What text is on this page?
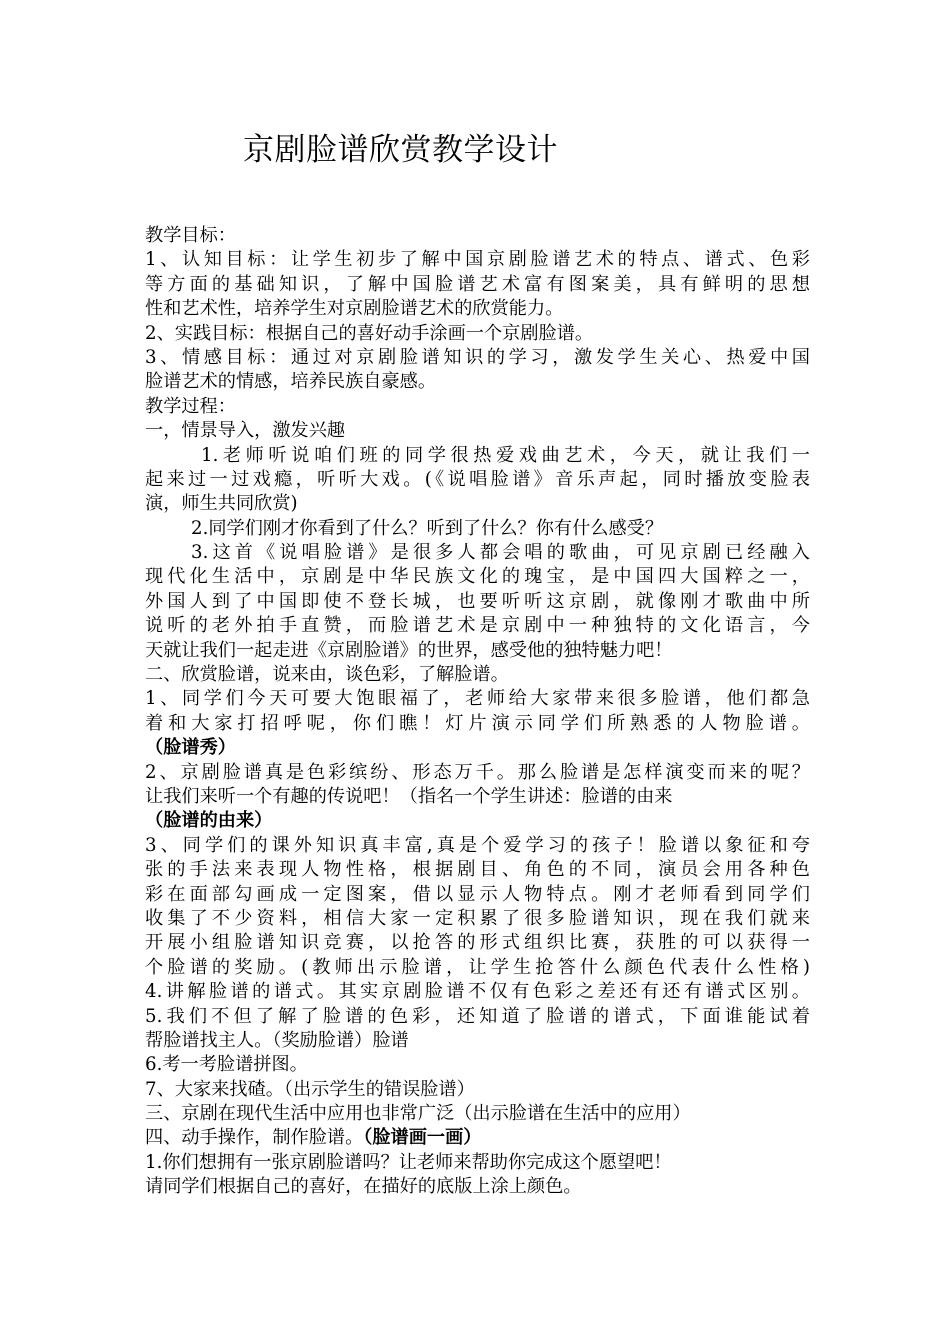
京剧脸谱欣赏教学设计
教学目标：
1、认知目标：让学生初步了解中国京剧脸谱艺术的特点、谱式、色彩
等方面的基础知识，了解中国脸谱艺术富有图案美，具有鲜明的思想
性和艺术性，培养学生对京剧脸谱艺术的欣赏能力。
2、实践目标：根据自己的喜好动手涂画一个京剧脸谱。
3、情感目标：通过对京剧脸谱知识的学习，激发学生关心、热爱中国
脸谱艺术的情感，培养民族自豪感。
教学过程：
一，情景导入，激发兴趣
1.老师听说咱们班的同学很热爱戏曲艺术，今天，就让我们一
起来过一过戏瘾，听听大戏。(《说唱脸谱》音乐声起，同时播放变脸表
演，师生共同欣赏)
2.同学们刚才你看到了什么？听到了什么？你有什么感受？
3.这首《说唱脸谱》是很多人都会唱的歌曲，可见京剧已经融入
现代化生活中，京剧是中华民族文化的瑰宝，是中国四大国粹之一，
外国人到了中国即使不登长城，也要听听这京剧，就像刚才歌曲中所
说听的老外拍手直赞，而脸谱艺术是京剧中一种独特的文化语言，今
天就让我们一起走进《京剧脸谱》的世界，感受他的独特魅力吧！
二、欣赏脸谱，说来由，谈色彩，了解脸谱。
1、同学们今天可要大饱眼福了，老师给大家带来很多脸谱，他们都急
着和大家打招呼呢，你们瞧！灯片演示同学们所熟悉的人物脸谱。
（脸谱秀）
2、京剧脸谱真是色彩缤纷、形态万千。那么脸谱是怎样演变而来的呢？
让我们来听一个有趣的传说吧！（指名一个学生讲述：脸谱的由来
（脸谱的由来）
3、同学们的课外知识真丰富,真是个爱学习的孩子！脸谱以象征和夸
张的手法来表现人物性格，根据剧目、角色的不同，演员会用各种色
彩在面部勾画成一定图案，借以显示人物特点。刚才老师看到同学们
收集了不少资料，相信大家一定积累了很多脸谱知识，现在我们就来
开展小组脸谱知识竞赛，以抢答的形式组织比赛，获胜的可以获得一
个脸谱的奖励。(教师出示脸谱，让学生抢答什么颜色代表什么性格)
4.讲解脸谱的谱式。其实京剧脸谱不仅有色彩之差还有还有谱式区别。
5.我们不但了解了脸谱的色彩，还知道了脸谱的谱式，下面谁能试着
帮脸谱找主人。（奖励脸谱）脸谱
6.考一考脸谱拼图。
7、大家来找碴。（出示学生的错误脸谱）
三、京剧在现代生活中应用也非常广泛（出示脸谱在生活中的应用）
四、动手操作，制作脸谱。（脸谱画一画）
1.你们想拥有一张京剧脸谱吗？让老师来帮助你完成这个愿望吧！
请同学们根据自己的喜好，在描好的底版上涂上颜色。
